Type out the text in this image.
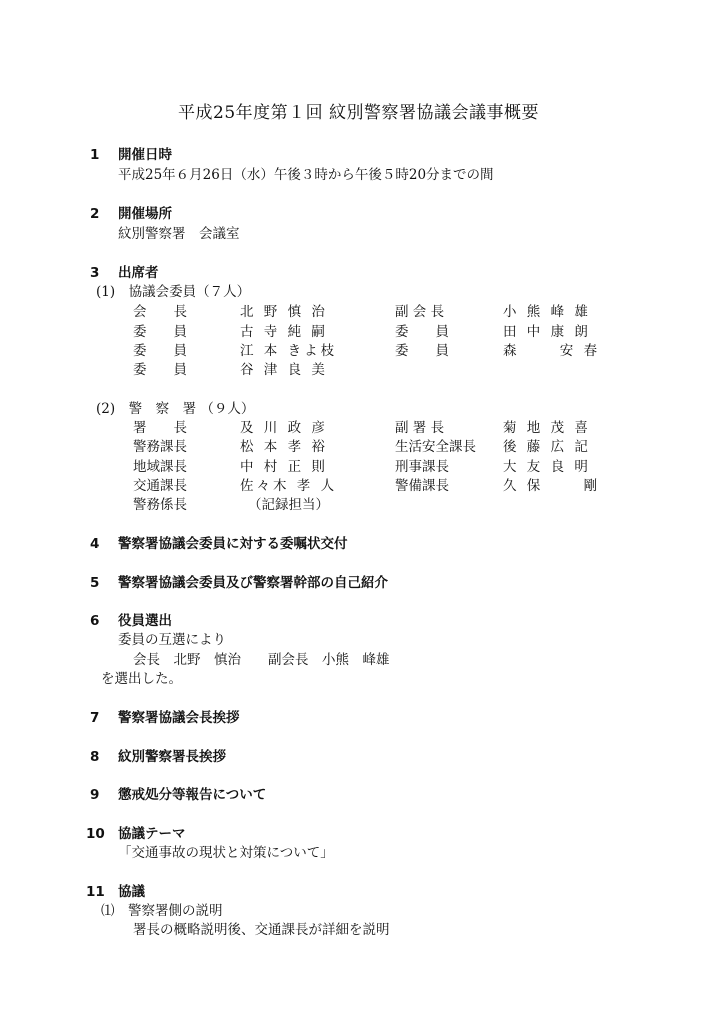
平成25年度第１回 紋別警察署協議会議事概要
1 開催日時
平成25年６月26日（水）午後３時から午後５時20分までの間
2 開催場所
紋別警察署　会議室
3 出席者
(1)　協議会委員（７人）
会　　長	北 野 慎 治	副 会 長	小 熊 峰 雄
委　　員	古 寺 純 嗣	委　　員	田 中 康 朗
委　　員	江 本 きよ枝	委　　員	森　　 安 春
委　　員	谷 津 良 美
(2)　警　察　署 （９人）
署　　長	及 川 政 彦	副 署 長	菊 地 茂 喜
警務課長	松 本 孝 裕	生活安全課長 後 藤 広 記
地域課長	中 村 正 則	刑事課長	大 友 良 明
交通課長	佐々木 孝 人	警備課長	久 保　　 剛
警務係長	（記録担当）
4 警察署協議会委員に対する委嘱状交付
5 警察署協議会委員及び警察署幹部の自己紹介
6 役員選出
委員の互選により
会長　北野　慎治　　副会長　小熊　峰雄
を選出した。
7 警察署協議会長挨拶
8 紋別警察署長挨拶
9 懲戒処分等報告について
10 協議テーマ
「交通事故の現状と対策について」
11 協議
⑴　警察署側の説明
署長の概略説明後、交通課長が詳細を説明
